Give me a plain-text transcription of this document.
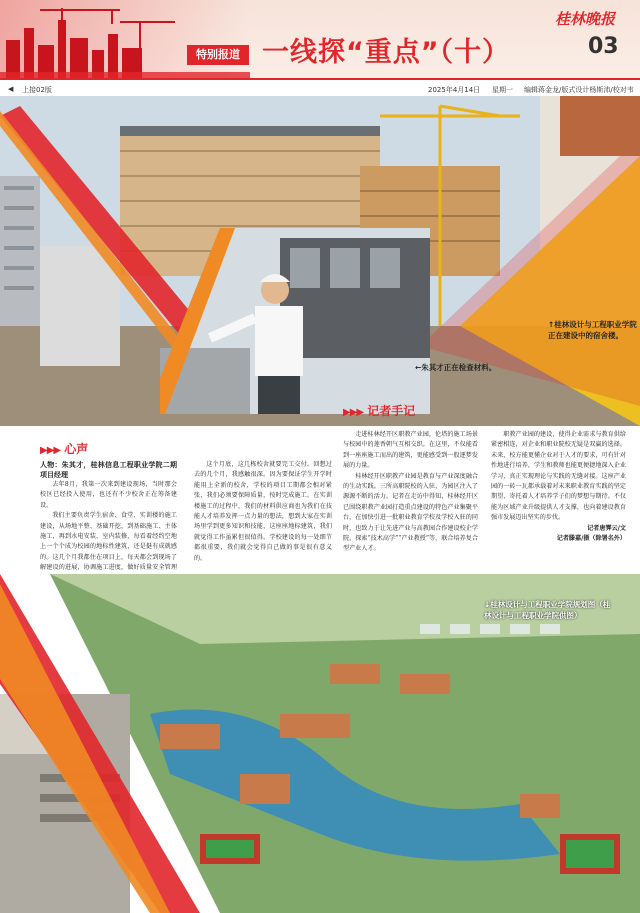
特别报道 一线探“重点”（十）
桂林晚报
03
◀ 上接02版	2025年4月14日 星期一 编辑蒋金龙/版式设计杨斯沛/校对韦
↑桂林设计与工程职业学院正在建设中的宿舍楼。
←朱其才正在检查材料。
▶▶▶ 心声

人物：朱其才，桂林信息工程职业学院二期项目经理

去年8月，我第一次来到建设现场，当时那会校区已经投入使用，也还有不少校舍正在筹备建设。

我们主要负责学生宿舍、食堂、实训楼的施工建设，从场地平整、基础开挖，到基础施工、主体施工，再到水电安装、室内装修，每看着经约空地上一个个成为校园的地标性建筑，还是挺有成就感的。这几个月我都住在项目上，每天都会到现场了解建设的进展，协调施工进度，做好质量安全管理

这个月底，这几栋校舍就要完工交付。回想过去的几个月，我感触很深。因为要保证学生开学时能用上全新的校舍，学校的项目工期都会相对紧张，我们必须要保障质量，按时完成施工。在实训楼施工的过程中，我们的材料供应商也为我们在技能人才培养发挥一点力量的想法，想到大家在实训场里学到更多知识和技能，这座座地标建筑，我们就觉得工作虽累但很值得。学校建设的每一处细节都很重要，我们就会觉得自己做的事是很有意义的。

▶▶▶ 记者手记

走进桂林经开区职教产业园，伦塔的施工场景与校园中的莲香朝气互相交织。在这里，不仅能看到一座座施工而出的建筑，更能感受到一股逐梦发展的力量。

桂林经开区职教产业园是教育与产业深度融合的生动实践。三所高职院校的入驻，为园区注入了源源不断的活力。记者在走访中得知，桂林经开区已围绕职教产业园打造重点建设的特色产业集聚平台，在加快引进一批职业教育学校及学校入驻的同时，也致力于让先进产业与高教园合作建设校企学院，探索“技术高学”“产业教授”等，联合培养复合型产业人才。

职教产业园的建设，使得企业需求与教育供给紧密相连，对企业和职业院校无疑是双赢的选择。未来，校方能更懂企业对于人才的要求，可有针对性地进行培养，学生和教师也能更便捷地深入企业学习，真正实现理论与实践的无缝对接。这座产业园的一砖一瓦都承载着对未来职业教育实践的坚定期望，寄托着人才培养学子们的梦想与期待。不仅能为区域产业升级提供人才支撑，也向着建设教育强市发展迈出坚实的步伐。

记者唐霁云/文

记者滕嘉/摄（除署名外）

↓桂林设计与工程职业学院规划图（桂林设计与工程职业学院供图）
